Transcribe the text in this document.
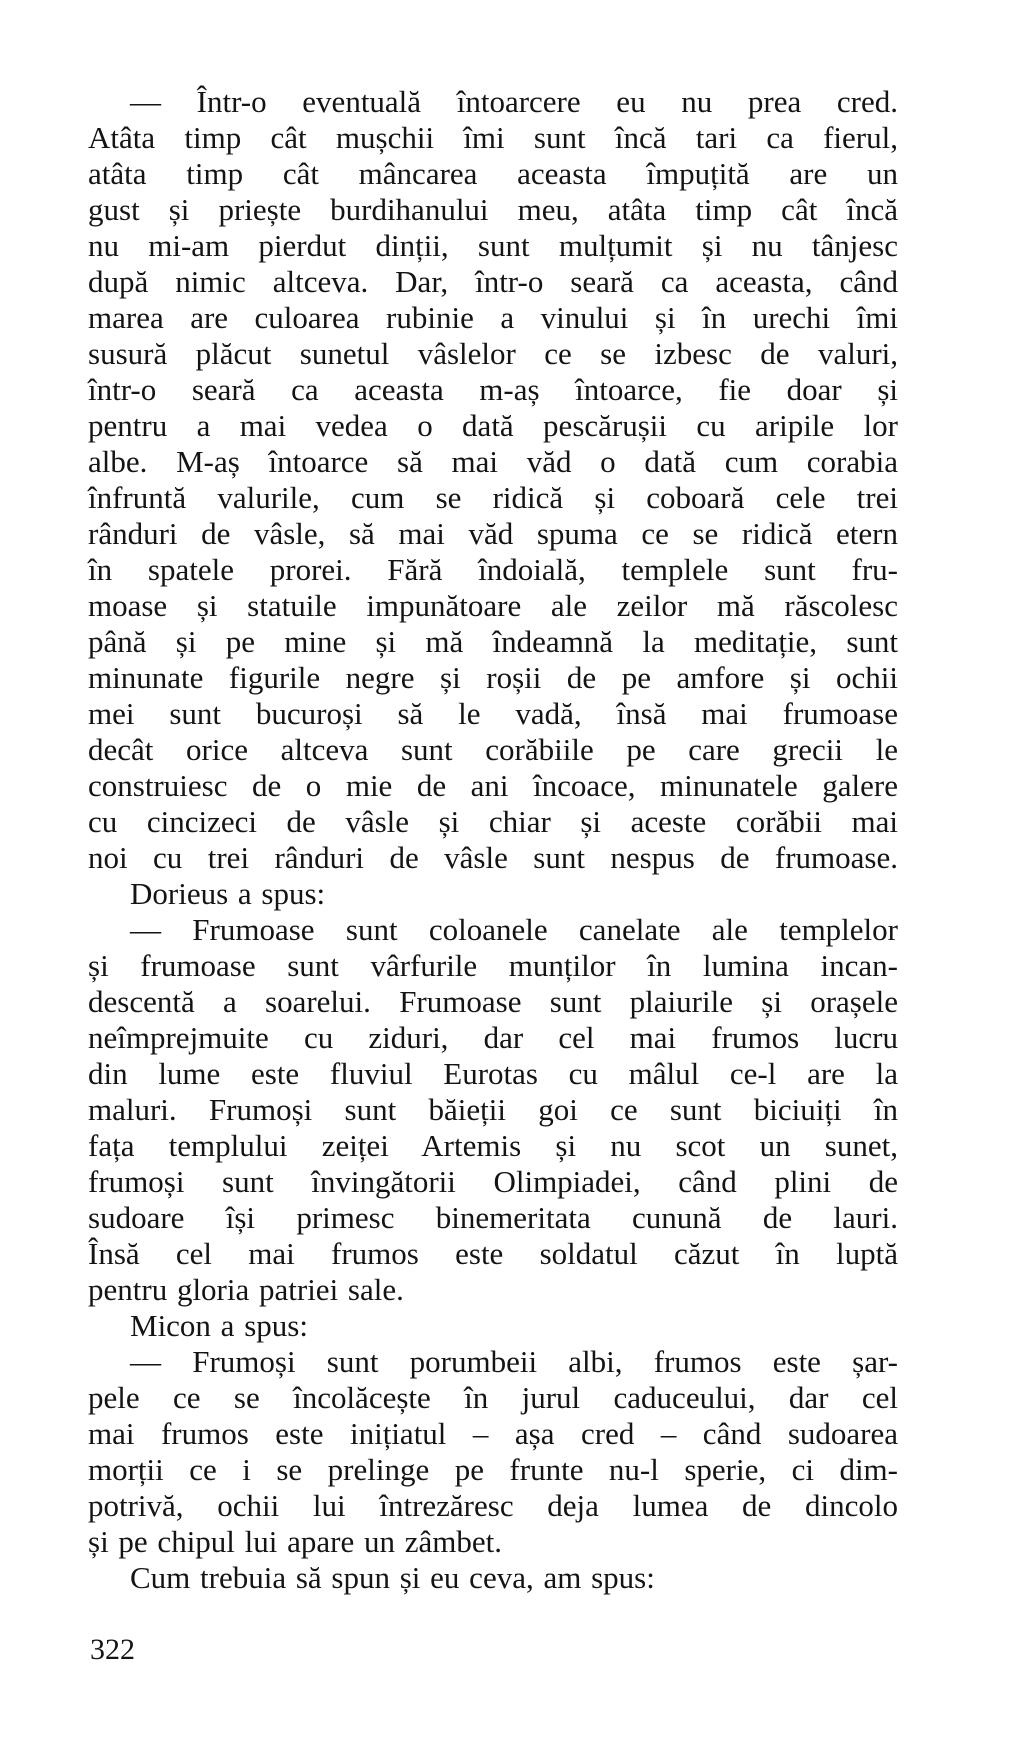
— Într-o eventuală întoarcere eu nu prea cred.
Atâta timp cât mușchii îmi sunt încă tari ca fierul,
atâta timp cât mâncarea aceasta împuțită are un
gust și priește burdihanului meu, atâta timp cât încă
nu mi-am pierdut dinții, sunt mulțumit și nu tânjesc
după nimic altceva. Dar, într-o seară ca aceasta, când
marea are culoarea rubinie a vinului și în urechi îmi
susură plăcut sunetul vâslelor ce se izbesc de valuri,
într-o seară ca aceasta m-aș întoarce, fie doar și
pentru a mai vedea o dată pescărușii cu aripile lor
albe. M-aș întoarce să mai văd o dată cum corabia
înfruntă valurile, cum se ridică și coboară cele trei
rânduri de vâsle, să mai văd spuma ce se ridică etern
în spatele prorei. Fără îndoială, templele sunt fru-
moase și statuile impunătoare ale zeilor mă răscolesc
până și pe mine și mă îndeamnă la meditație, sunt
minunate figurile negre și roșii de pe amfore și ochii
mei sunt bucuroși să le vadă, însă mai frumoase
decât orice altceva sunt corăbiile pe care grecii le
construiesc de o mie de ani încoace, minunatele galere
cu cincizeci de vâsle și chiar și aceste corăbii mai
noi cu trei rânduri de vâsle sunt nespus de frumoase.
Dorieus a spus:
— Frumoase sunt coloanele canelate ale templelor
și frumoase sunt vârfurile munților în lumina incan-
descentă a soarelui. Frumoase sunt plaiurile și orașele
neîmprejmuite cu ziduri, dar cel mai frumos lucru
din lume este fluviul Eurotas cu mâlul ce-l are la
maluri. Frumoși sunt băieții goi ce sunt biciuiți în
fața templului zeiței Artemis și nu scot un sunet,
frumoși sunt învingătorii Olimpiadei, când plini de
sudoare își primesc binemeritata cunună de lauri.
Însă cel mai frumos este soldatul căzut în luptă
pentru gloria patriei sale.
Micon a spus:
— Frumoși sunt porumbeii albi, frumos este șar-
pele ce se încolăcește în jurul caduceului, dar cel
mai frumos este inițiatul – așa cred – când sudoarea
morții ce i se prelinge pe frunte nu-l sperie, ci dim-
potrivă, ochii lui întrezăresc deja lumea de dincolo
și pe chipul lui apare un zâmbet.
Cum trebuia să spun și eu ceva, am spus:
322
